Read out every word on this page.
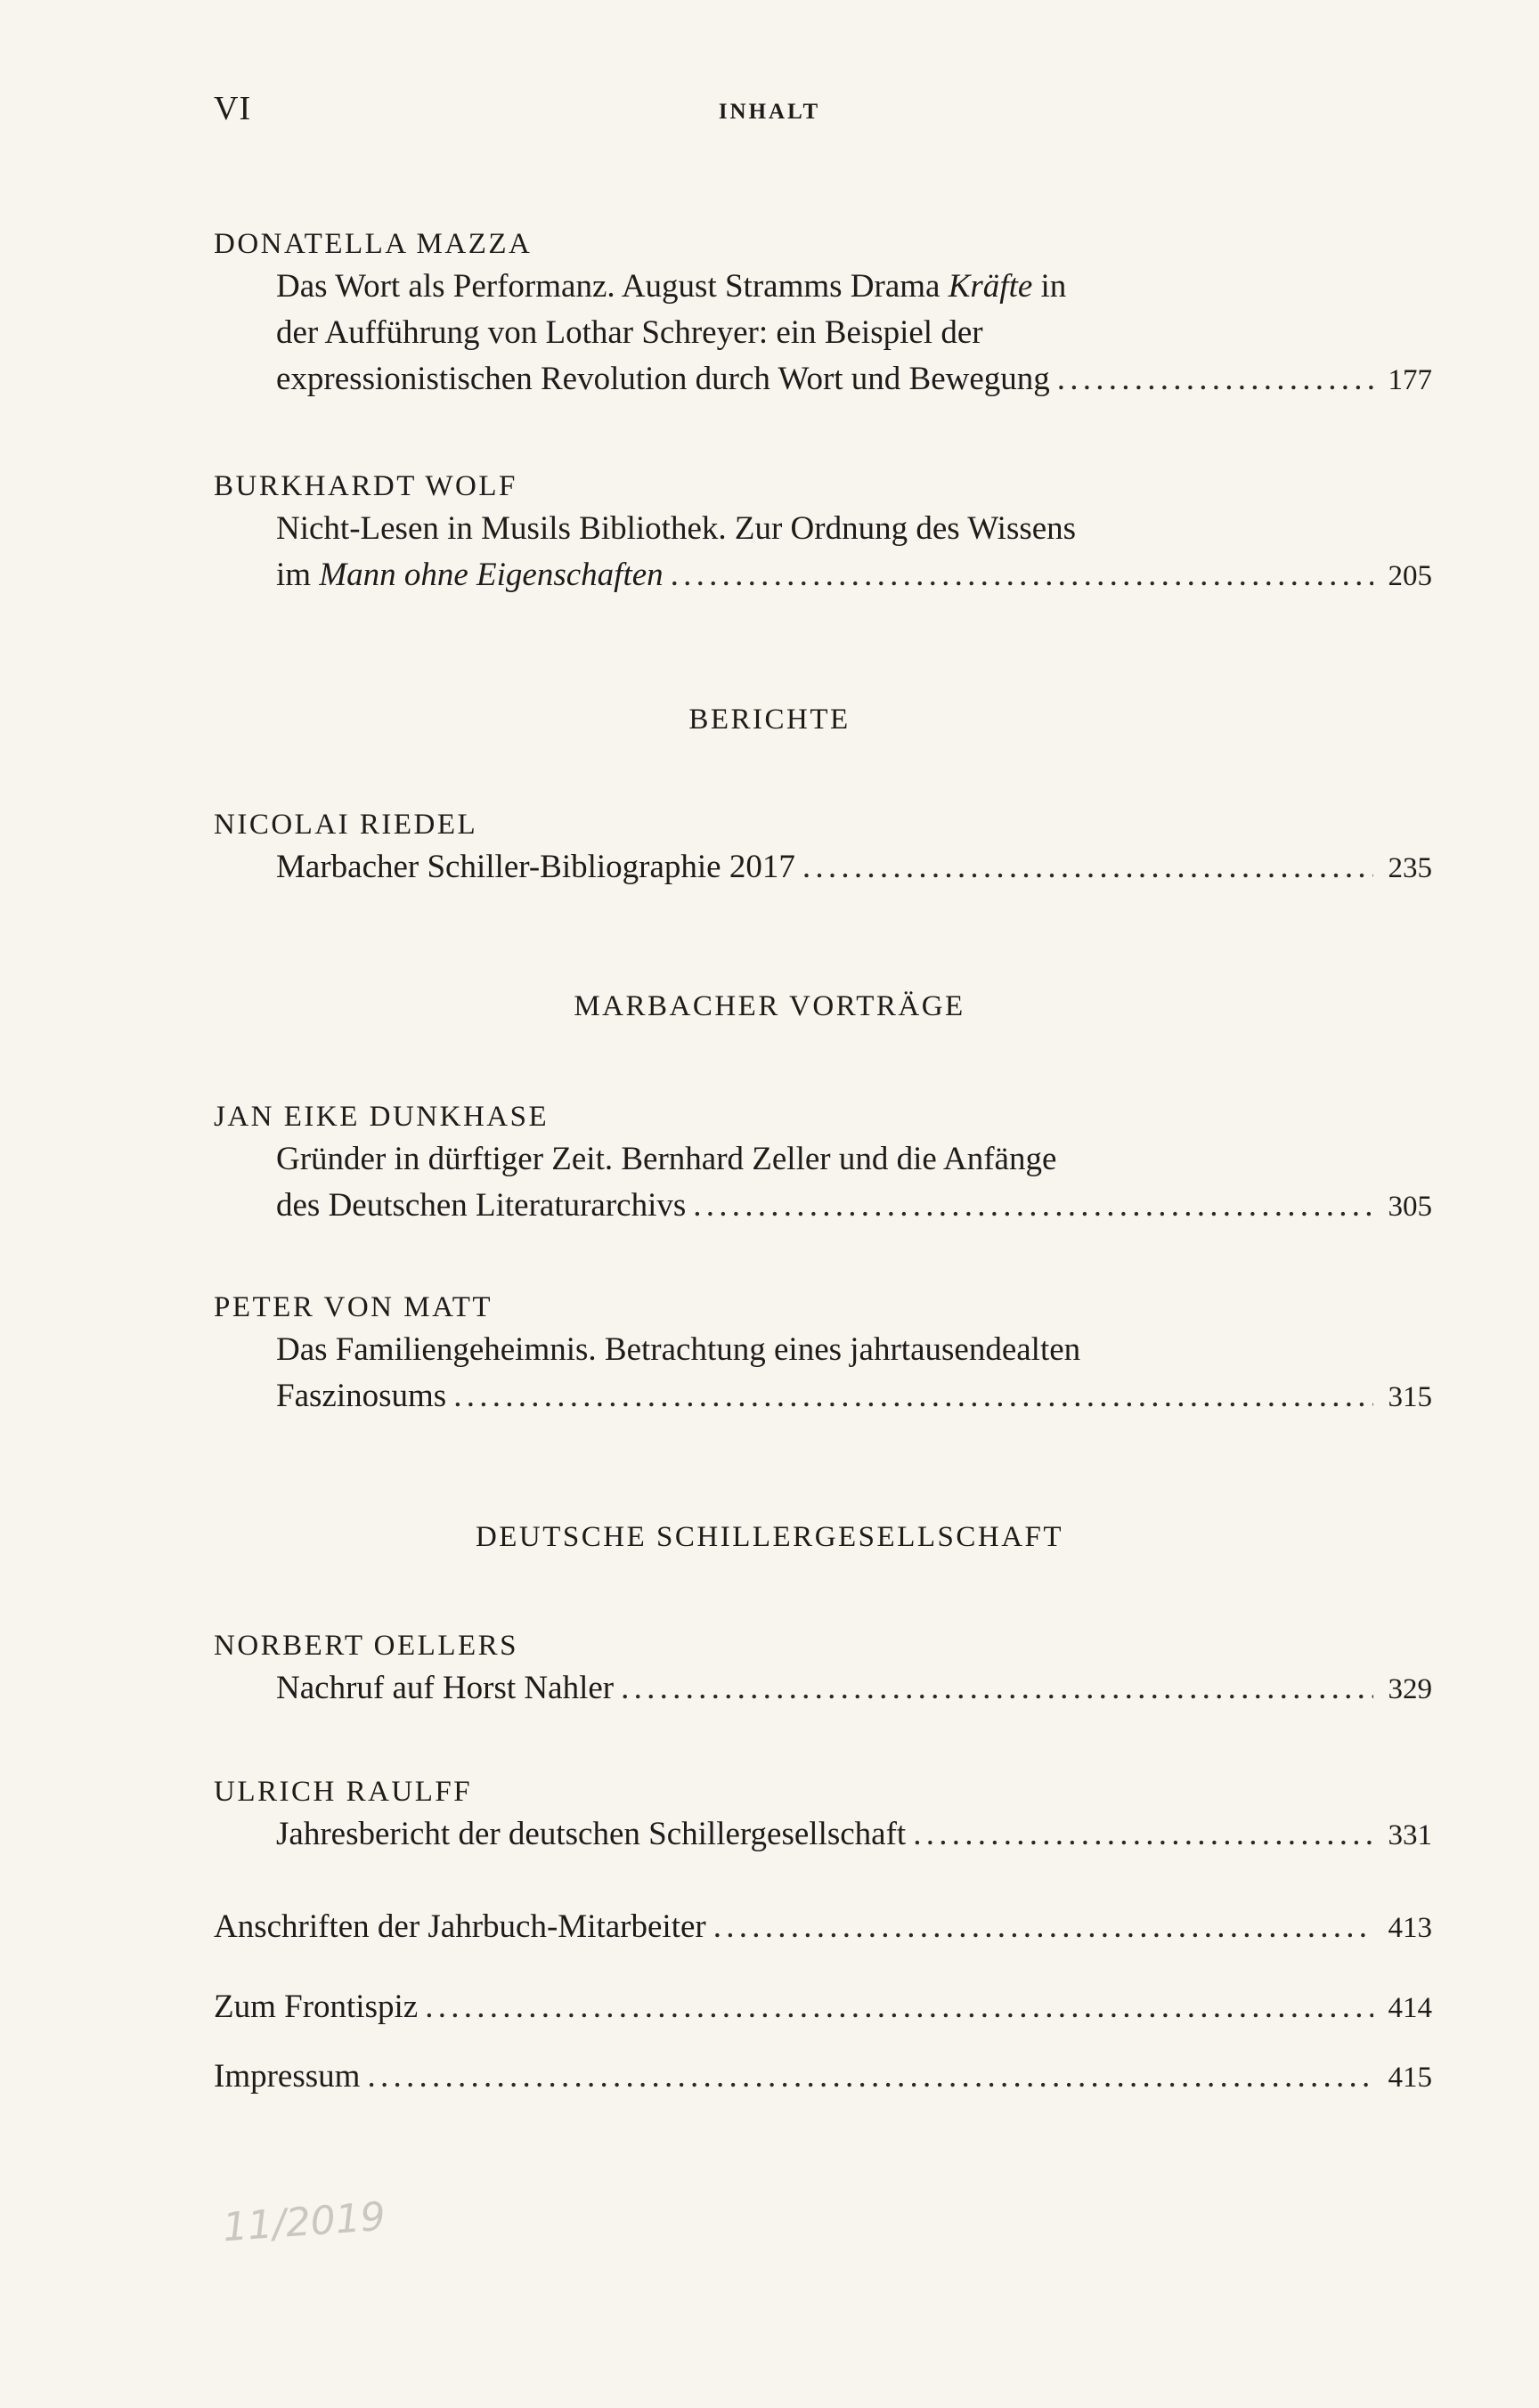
VI	INHALT
DONATELLA MAZZA
Das Wort als Performanz. August Stramms Drama Kräfte in
der Aufführung von Lothar Schreyer: ein Beispiel der
expressionistischen Revolution durch Wort und Bewegung . . .	177
BURKHARDT WOLF
Nicht-Lesen in Musils Bibliothek. Zur Ordnung des Wissens
im Mann ohne Eigenschaften . . .	205
BERICHTE
NICOLAI RIEDEL
Marbacher Schiller-Bibliographie 2017 . . .	235
MARBACHER VORTRÄGE
JAN EIKE DUNKHASE
Gründer in dürftiger Zeit. Bernhard Zeller und die Anfänge
des Deutschen Literaturarchivs . . .	305
PETER VON MATT
Das Familiengeheimnis. Betrachtung eines jahrtausendealten
Faszinosums . . .	315
DEUTSCHE SCHILLERGESELLSCHAFT
NORBERT OELLERS
Nachruf auf Horst Nahler . . .	329
ULRICH RAULFF
Jahresbericht der deutschen Schillergesellschaft . . .	331
Anschriften der Jahrbuch-Mitarbeiter . . .	413
Zum Frontispiz . . .	414
Impressum . . .	415
11/2019
